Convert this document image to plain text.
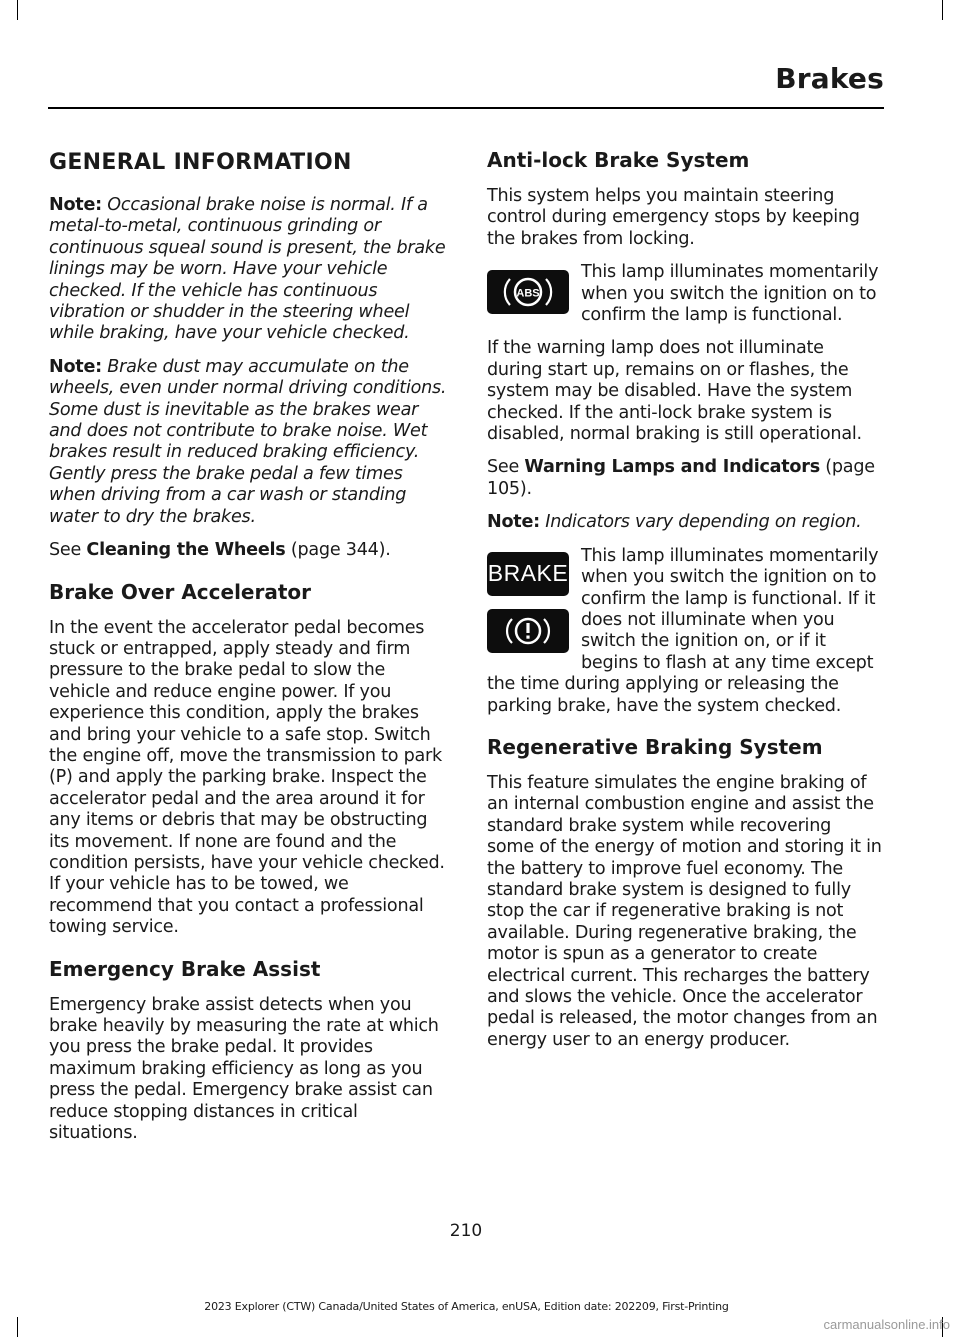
Brakes
GENERAL INFORMATION

Note: Occasional brake noise is normal. If a metal-to-metal, continuous grinding or continuous squeal sound is present, the brake linings may be worn. Have your vehicle checked. If the vehicle has continuous vibration or shudder in the steering wheel while braking, have your vehicle checked.

Note: Brake dust may accumulate on the wheels, even under normal driving conditions. Some dust is inevitable as the brakes wear and does not contribute to brake noise. Wet brakes result in reduced braking efficiency. Gently press the brake pedal a few times when driving from a car wash or standing water to dry the brakes.

See Cleaning the Wheels (page 344).

Brake Over Accelerator

In the event the accelerator pedal becomes stuck or entrapped, apply steady and firm pressure to the brake pedal to slow the vehicle and reduce engine power. If you experience this condition, apply the brakes and bring your vehicle to a safe stop. Switch the engine off, move the transmission to park (P) and apply the parking brake. Inspect the accelerator pedal and the area around it for any items or debris that may be obstructing its movement. If none are found and the condition persists, have your vehicle checked. If your vehicle has to be towed, we recommend that you contact a professional towing service.

Emergency Brake Assist

Emergency brake assist detects when you brake heavily by measuring the rate at which you press the brake pedal. It provides maximum braking efficiency as long as you press the pedal. Emergency brake assist can reduce stopping distances in critical situations.

Anti-lock Brake System

This system helps you maintain steering control during emergency stops by keeping the brakes from locking.

ABS

This lamp illuminates momentarily when you switch the ignition on to confirm the lamp is functional.

If the warning lamp does not illuminate during start up, remains on or flashes, the system may be disabled. Have the system checked. If the anti-lock brake system is disabled, normal braking is still operational.

See Warning Lamps and Indicators (page 105).

Note: Indicators vary depending on region.

BRAKE

This lamp illuminates momentarily when you switch the ignition on to confirm the lamp is functional. If it does not illuminate when you switch the ignition on, or if it begins to flash at any time except the time during applying or releasing the parking brake, have the system checked.

Regenerative Braking System

This feature simulates the engine braking of an internal combustion engine and assist the standard brake system while recovering some of the energy of motion and storing it in the battery to improve fuel economy. The standard brake system is designed to fully stop the car if regenerative braking is not available. During regenerative braking, the motor is spun as a generator to create electrical current. This recharges the battery and slows the vehicle. Once the accelerator pedal is released, the motor changes from an energy user to an energy producer.

210
2023 Explorer (CTW) Canada/United States of America, enUSA, Edition date: 202209, First-Printing
carmanualsonline.info
